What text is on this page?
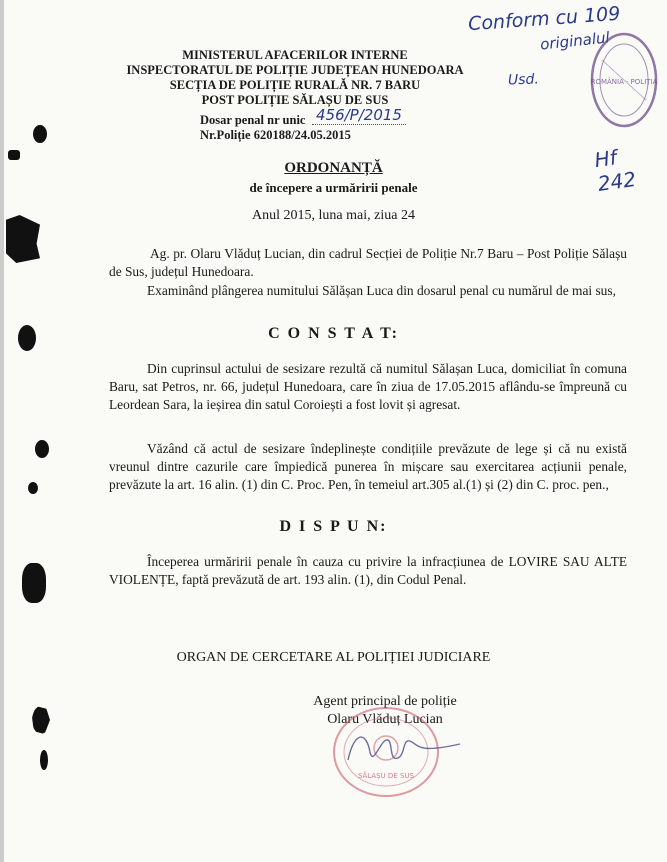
Conform cu 109
originalul
Usd.
Hf 242
ROMÂNIA · POLIȚIA
MINISTERUL AFACERILOR INTERNE
INSPECTORATUL DE POLIȚIE JUDEȚEAN HUNEDOARA
SECȚIA DE POLIȚIE RURALĂ NR. 7 BARU
POST POLIȚIE SĂLAȘU DE SUS
Dosar penal nr unic 456/P/2015
Nr.Poliție 620188/24.05.2015
ORDONANȚĂ
de începere a urmăririi penale
Anul 2015, luna mai, ziua 24
Ag. pr. Olaru Vlăduț Lucian, din cadrul Secției de Poliție Nr.7 Baru – Post Poliție Sălașu de Sus, județul Hunedoara.
Examinând plângerea numitului Sălășan Luca din dosarul penal cu numărul de mai sus,
C O N S T A T:
Din cuprinsul actului de sesizare rezultă că numitul Sălașan Luca, domiciliat în comuna Baru, sat Petros, nr. 66, județul Hunedoara, care în ziua de 17.05.2015 aflându-se împreună cu Leordean Sara, la ieșirea din satul Coroiești a fost lovit și agresat.
Văzând că actul de sesizare îndeplinește condițiile prevăzute de lege și că nu există vreunul dintre cazurile care împiedică punerea în mișcare sau exercitarea acțiunii penale, prevăzute la art. 16 alin. (1) din C. Proc. Pen, în temeiul art.305 al.(1) și (2) din C. proc. pen.,
D I S P U N:
Începerea urmăririi penale în cauza cu privire la infracțiunea de LOVIRE SAU ALTE VIOLENȚE, faptă prevăzută de art. 193 alin. (1), din Codul Penal.
ORGAN DE CERCETARE AL POLIȚIEI JUDICIARE
Agent principal de poliție
Olaru Vlăduț Lucian
SĂLAȘU DE SUS
